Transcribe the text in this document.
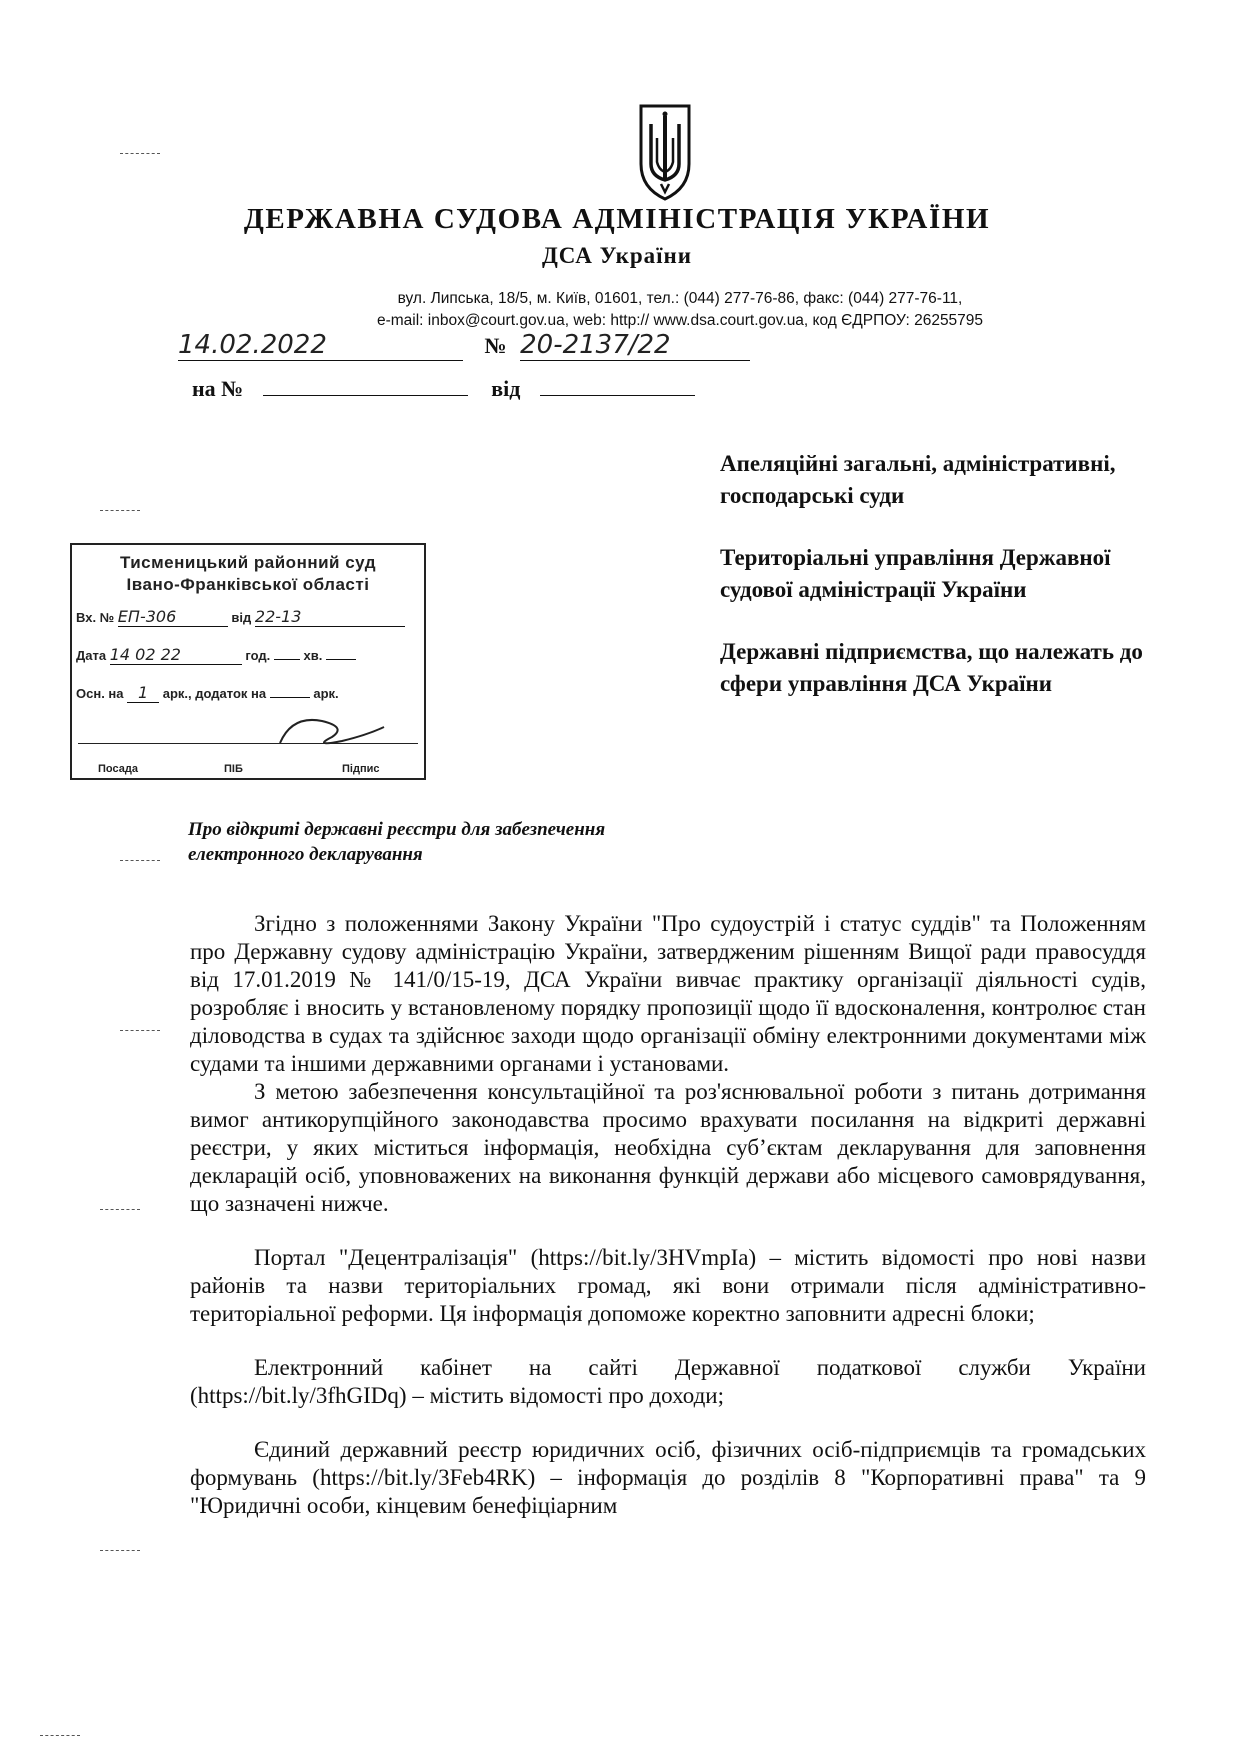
ДЕРЖАВНА СУДОВА АДМІНІСТРАЦІЯ УКРАЇНИ
ДСА України
вул. Липська, 18/5, м. Київ, 01601, тел.: (044) 277-76-86, факс: (044) 277-76-11,
e-mail: inbox@court.gov.ua, web: http:// www.dsa.court.gov.ua, код ЄДРПОУ: 26255795
14.02.2022	№ 20-2137/22
на №	від

Апеляційні загальні, адміністративні, господарські суди

Територіальні управління Державної судової адміністрації України

Державні підприємства, що належать до сфери управління ДСА України

Тисменицький районний суд
Івано-Франківської області
Вх. № ЕП-306	від 22-13
Дата 14 02 22	год.	хв.
Осн. на 1 арк., додаток на	арк.
Посада	ПІБ	Підпис
Про відкриті державні реєстри для забезпечення електронного декларування

Згідно з положеннями Закону України "Про судоустрій і статус суддів" та Положенням про Державну судову адміністрацію України, затвердженим рішенням Вищої ради правосуддя від 17.01.2019 № 141/0/15-19, ДСА України вивчає практику організації діяльності судів, розробляє і вносить у встановленому порядку пропозиції щодо її вдосконалення, контролює стан діловодства в судах та здійснює заходи щодо організації обміну електронними документами між судами та іншими державними органами і установами.

З метою забезпечення консультаційної та роз'яснювальної роботи з питань дотримання вимог антикорупційного законодавства просимо врахувати посилання на відкриті державні реєстри, у яких міститься інформація, необхідна суб’єктам декларування для заповнення декларацій осіб, уповноважених на виконання функцій держави або місцевого самоврядування, що зазначені нижче.

Портал "Децентралізація" (https://bit.ly/3HVmpIa) – містить відомості про нові назви районів та назви територіальних громад, які вони отримали після адміністративно-територіальної реформи. Ця інформація допоможе коректно заповнити адресні блоки;

Електронний кабінет на сайті Державної податкової служби України (https://bit.ly/3fhGIDq) – містить відомості про доходи;

Єдиний державний реєстр юридичних осіб, фізичних осіб-підприємців та громадських формувань (https://bit.ly/3Feb4RK) – інформація до розділів 8 "Корпоративні права" та 9 "Юридичні особи, кінцевим бенефіціарним
